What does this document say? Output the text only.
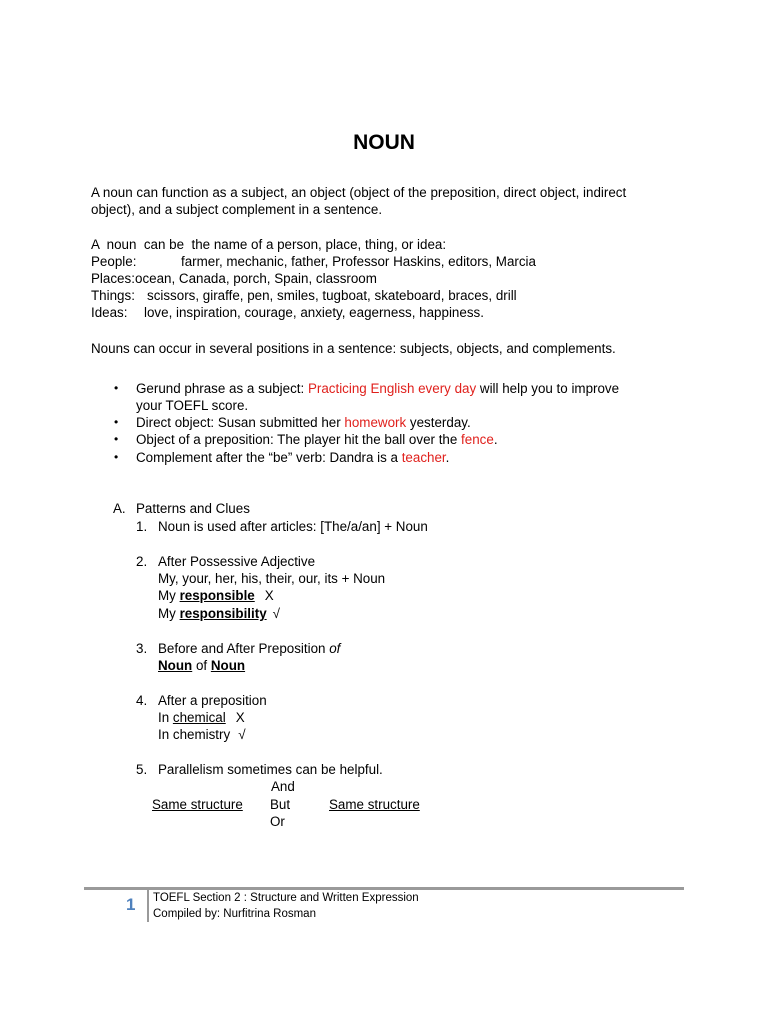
NOUN
A noun can function as a subject, an object (object of the preposition, direct object, indirect
object), and a subject complement in a sentence.
A  noun  can be  the name of a person, place, thing, or idea:
People:	farmer, mechanic, father, Professor Haskins, editors, Marcia
Places: ocean, Canada, porch, Spain, classroom
Things: scissors, giraffe, pen, smiles, tugboat, skateboard, braces, drill
Ideas: love, inspiration, courage, anxiety, eagerness, happiness.
Nouns can occur in several positions in a sentence: subjects, objects, and complements.
• Gerund phrase as a subject: Practicing English every day will help you to improve
your TOEFL score.
• Direct object: Susan submitted her homework yesterday.
• Object of a preposition: The player hit the ball over the fence.
• Complement after the “be” verb: Dandra is a teacher.
A. Patterns and Clues
1. Noun is used after articles: [The/a/an] + Noun
2. After Possessive Adjective
My, your, her, his, their, our, its + Noun
My responsible X
My responsibility √
3. Before and After Preposition of
Noun of Noun
4. After a preposition
In chemical X
In chemistry √
5. Parallelism sometimes can be helpful.
And
Same structure But	Same structure
Or
1 TOEFL Section 2 : Structure and Written Expression
Compiled by: Nurfitrina Rosman
